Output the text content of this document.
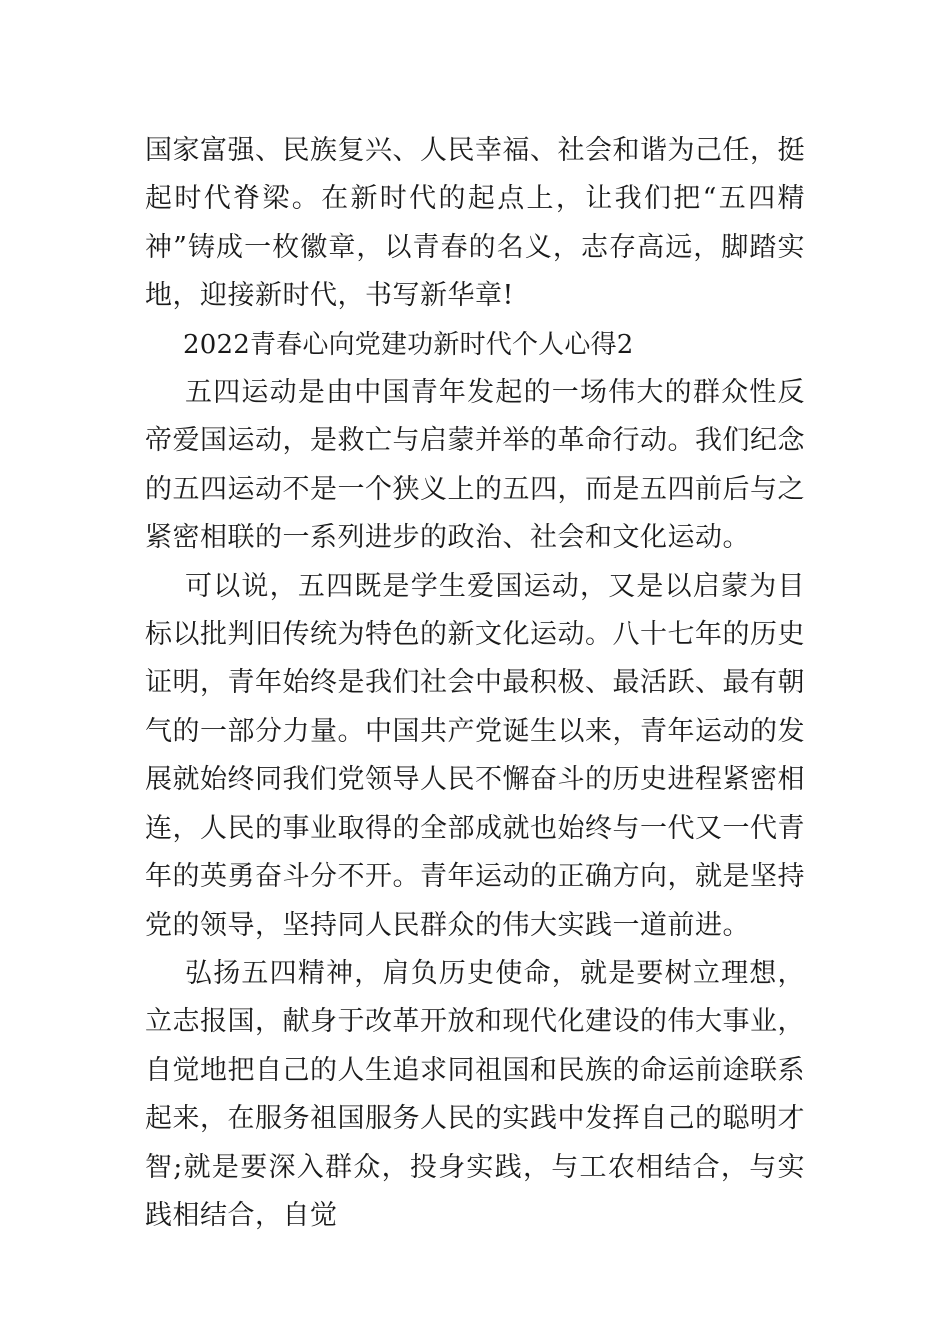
国家富强、民族复兴、人民幸福、社会和谐为己任，挺起时代脊梁。在新时代的起点上，让我们把“五四精神”铸成一枚徽章，以青春的名义，志存高远，脚踏实地，迎接新时代，书写新华章!

2022青春心向党建功新时代个人心得2

五四运动是由中国青年发起的一场伟大的群众性反帝爱国运动，是救亡与启蒙并举的革命行动。我们纪念的五四运动不是一个狭义上的五四，而是五四前后与之紧密相联的一系列进步的政治、社会和文化运动。

可以说，五四既是学生爱国运动，又是以启蒙为目标以批判旧传统为特色的新文化运动。八十七年的历史证明，青年始终是我们社会中最积极、最活跃、最有朝气的一部分力量。中国共产党诞生以来，青年运动的发展就始终同我们党领导人民不懈奋斗的历史进程紧密相连，人民的事业取得的全部成就也始终与一代又一代青年的英勇奋斗分不开。青年运动的正确方向，就是坚持党的领导，坚持同人民群众的伟大实践一道前进。

弘扬五四精神，肩负历史使命，就是要树立理想，立志报国，献身于改革开放和现代化建设的伟大事业，自觉地把自己的人生追求同祖国和民族的命运前途联系起来，在服务祖国服务人民的实践中发挥自己的聪明才智;就是要深入群众，投身实践，与工农相结合，与实践相结合，自觉
